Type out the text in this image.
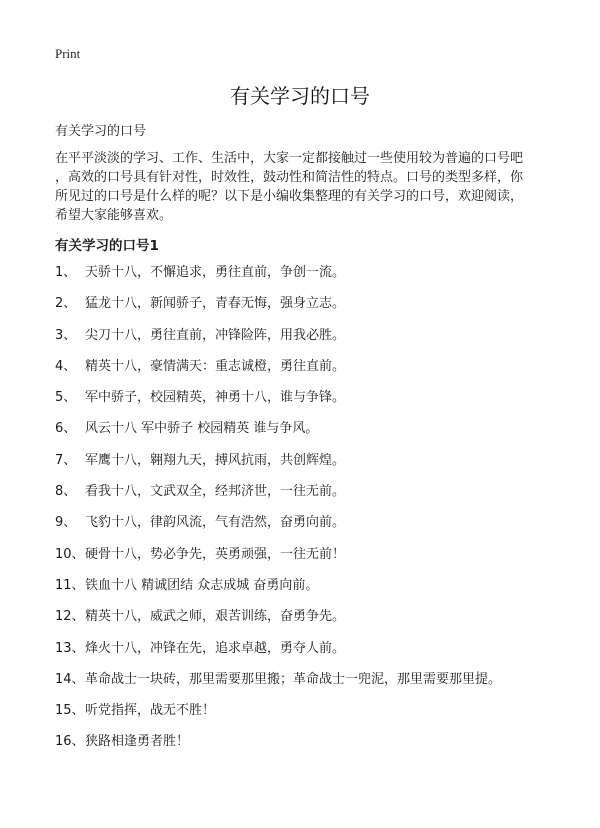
Print
有关学习的口号

有关学习的口号

在平平淡淡的学习、工作、生活中，大家一定都接触过一些使用较为普遍的口号吧
，高效的口号具有针对性，时效性，鼓动性和简洁性的特点。口号的类型多样，你
所见过的口号是什么样的呢？以下是小编收集整理的有关学习的口号，欢迎阅读，
希望大家能够喜欢。

有关学习的口号1
1、 天骄十八，不懈追求，勇往直前，争创一流。
2、 猛龙十八，新闻骄子，青春无悔，强身立志。
3、 尖刀十八，勇往直前，冲锋险阵，用我必胜。
4、 精英十八，豪情满天：重志诚橙，勇往直前。
5、 军中骄子，校园精英，神勇十八，谁与争锋。
6、 风云十八 军中骄子 校园精英 谁与争风。
7、 军鹰十八，翱翔九天，搏风抗雨，共创辉煌。
8、 看我十八，文武双全，经邦济世，一往无前。
9、 飞豹十八，律韵风流，气有浩然，奋勇向前。
10、 硬骨十八，势必争先，英勇顽强，一往无前！
11、 铁血十八 精诚团结 众志成城 奋勇向前。
12、 精英十八，威武之师，艰苦训练，奋勇争先。
13、 烽火十八，冲锋在先，追求卓越，勇夺人前。
14、 革命战士一块砖，那里需要那里搬；革命战士一兜泥，那里需要那里提。
15、 听党指挥，战无不胜！
16、 狭路相逢勇者胜！
